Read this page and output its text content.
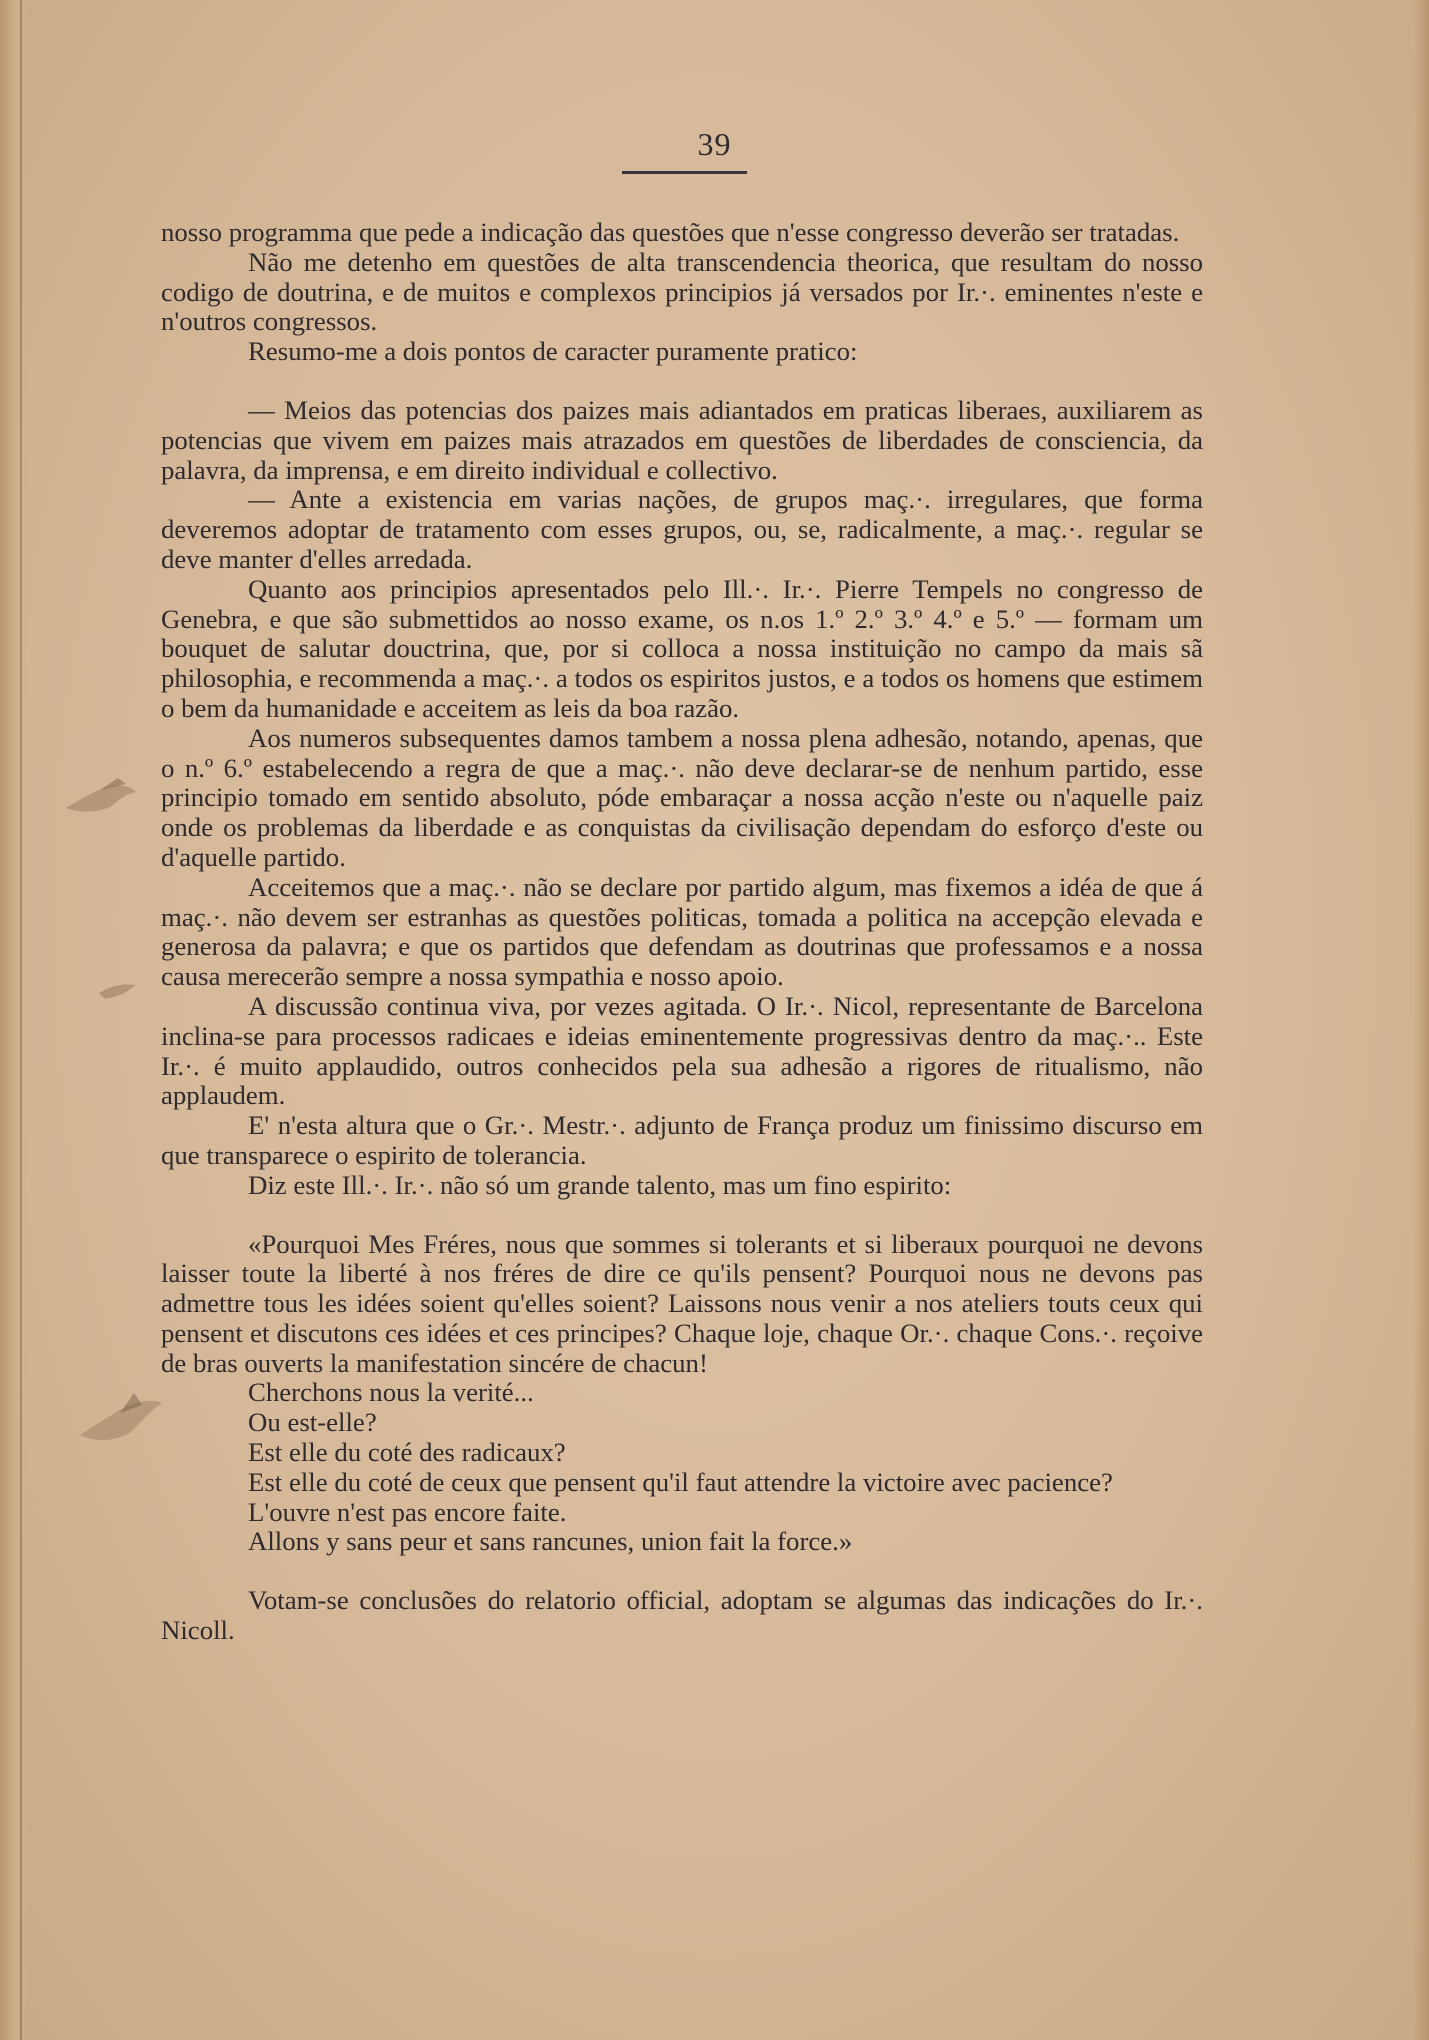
39

nosso programma que pede a indicação das questões que n'esse congresso deverão ser tratadas.

Não me detenho em questões de alta transcendencia theorica, que resultam do nosso codigo de doutrina, e de muitos e complexos principios já versados por Ir.·. eminentes n'este e n'outros congressos.

Resumo-me a dois pontos de caracter puramente pratico:

— Meios das potencias dos paizes mais adiantados em praticas liberaes, auxiliarem as potencias que vivem em paizes mais atrazados em questões de liberdades de consciencia, da palavra, da imprensa, e em direito individual e collectivo.

— Ante a existencia em varias nações, de grupos maç.·. irregulares, que forma deveremos adoptar de tratamento com esses grupos, ou, se, radicalmente, a maç.·. regular se deve manter d'elles arredada.

Quanto aos principios apresentados pelo Ill.·. Ir.·. Pierre Tempels no congresso de Genebra, e que são submettidos ao nosso exame, os n.os 1.º 2.º 3.º 4.º e 5.º — formam um bouquet de salutar douctrina, que, por si colloca a nossa instituição no campo da mais sã philosophia, e recommenda a maç.·. a todos os espiritos justos, e a todos os homens que estimem o bem da humanidade e acceitem as leis da boa razão.

Aos numeros subsequentes damos tambem a nossa plena adhesão, notando, apenas, que o n.º 6.º estabelecendo a regra de que a maç.·. não deve declarar-se de nenhum partido, esse principio tomado em sentido absoluto, póde embaraçar a nossa acção n'este ou n'aquelle paiz onde os problemas da liberdade e as conquistas da civilisação dependam do esforço d'este ou d'aquelle partido.

Acceitemos que a maç.·. não se declare por partido algum, mas fixemos a idéa de que á maç.·. não devem ser estranhas as questões politicas, tomada a politica na accepção elevada e generosa da palavra; e que os partidos que defendam as doutrinas que professamos e a nossa causa merecerão sempre a nossa sympathia e nosso apoio.

A discussão continua viva, por vezes agitada. O Ir.·. Nicol, representante de Barcelona inclina-se para processos radicaes e ideias eminentemente progressivas dentro da maç.·.. Este Ir.·. é muito applaudido, outros conhecidos pela sua adhesão a rigores de ritualismo, não applaudem.

E' n'esta altura que o Gr.·. Mestr.·. adjunto de França produz um finissimo discurso em que transparece o espirito de tolerancia.

Diz este Ill.·. Ir.·. não só um grande talento, mas um fino espirito:

«Pourquoi Mes Fréres, nous que sommes si tolerants et si liberaux pourquoi ne devons laisser toute la liberté à nos fréres de dire ce qu'ils pensent? Pourquoi nous ne devons pas admettre tous les idées soient qu'elles soient? Laissons nous venir a nos ateliers touts ceux qui pensent et discutons ces idées et ces principes? Chaque loje, chaque Or.·. chaque Cons.·. reçoive de bras ouverts la manifestation sincére de chacun!

Cherchons nous la verité...

Ou est-elle?

Est elle du coté des radicaux?

Est elle du coté de ceux que pensent qu'il faut attendre la victoire avec pacience?

L'ouvre n'est pas encore faite.

Allons y sans peur et sans rancunes, union fait la force.»

Votam-se conclusões do relatorio official, adoptam se algumas das indicações do Ir.·. Nicoll.
